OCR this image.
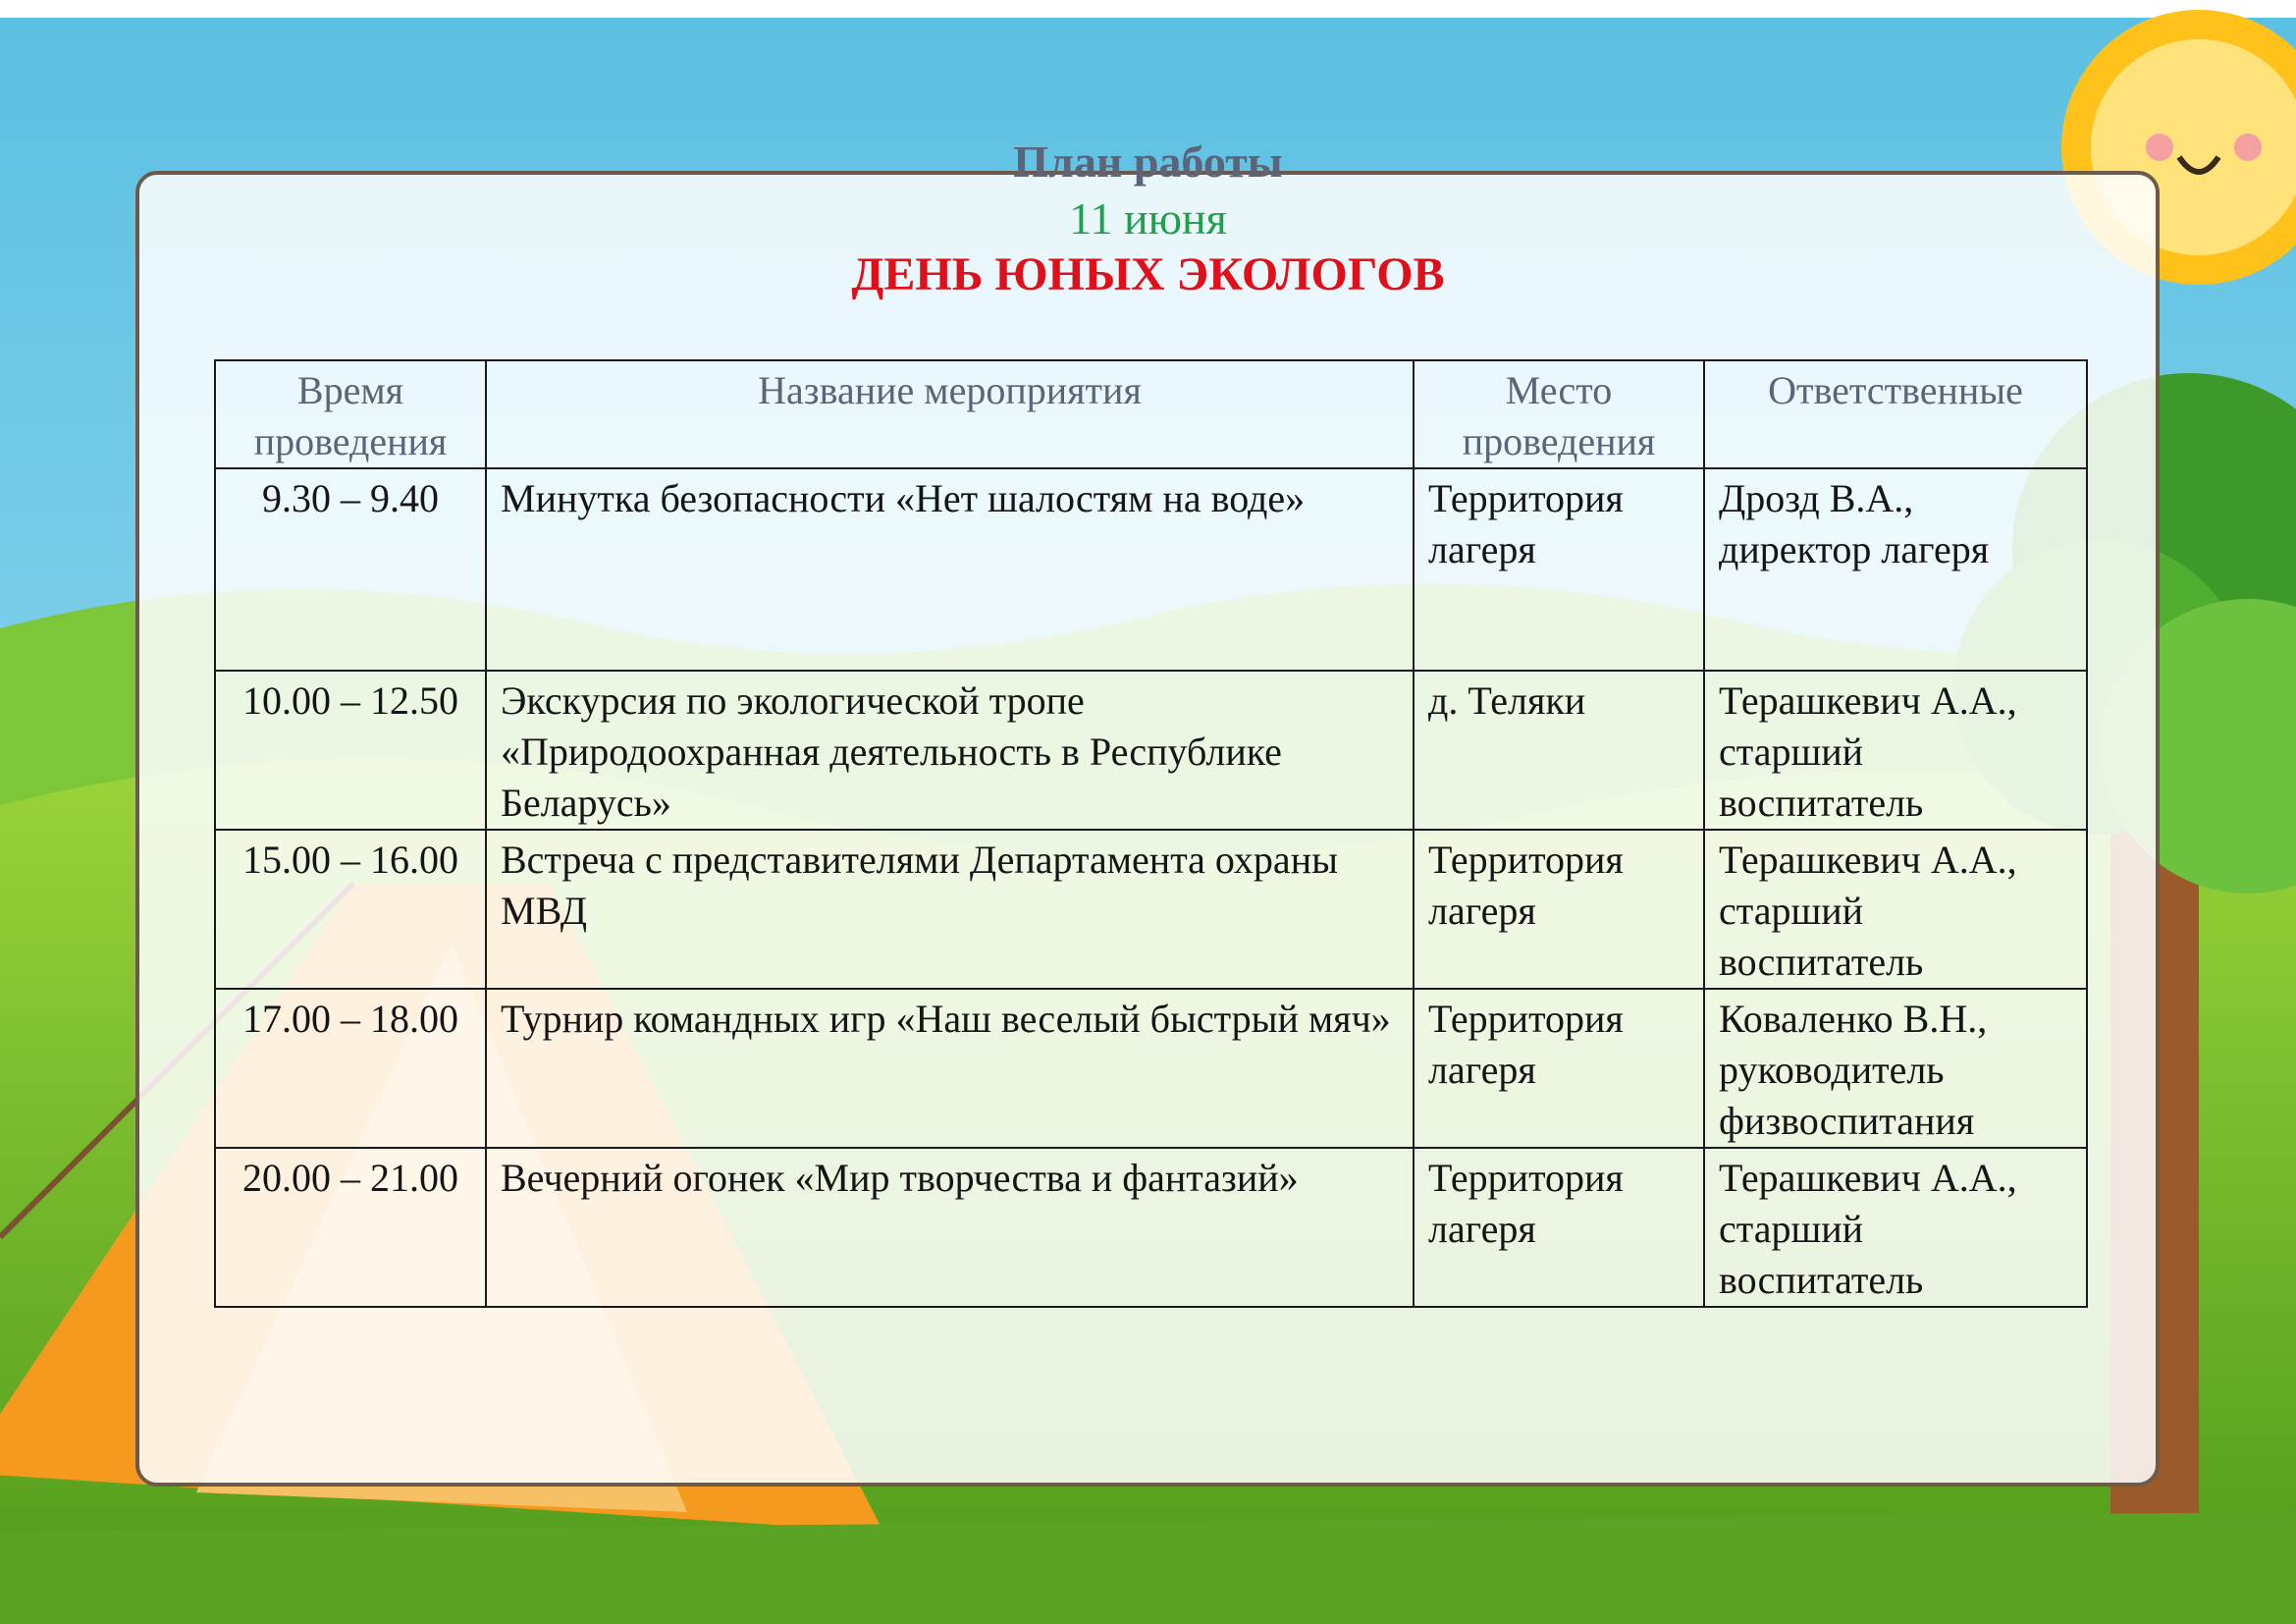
План работы
11 июня
ДЕНЬ ЮНЫХ ЭКОЛОГОВ
Время проведения	Название мероприятия	Место проведения	Ответственные
9.30 – 9.40	Минутка безопасности «Нет шалостям на воде»	Территория лагеря	Дрозд В.А., директор лагеря
10.00 – 12.50	Экскурсия по экологической тропе «Природоохранная деятельность в Республике Беларусь»	д. Теляки	Терашкевич А.А., старший воспитатель
15.00 – 16.00	Встреча с представителями Департамента охраны МВД	Территория лагеря	Терашкевич А.А., старший воспитатель
17.00 – 18.00	Турнир командных игр «Наш веселый быстрый мяч»	Территория лагеря	Коваленко В.Н., руководитель физвоспитания
20.00 – 21.00	Вечерний огонек «Мир творчества и фантазий»	Территория лагеря	Терашкевич А.А., старший воспитатель
